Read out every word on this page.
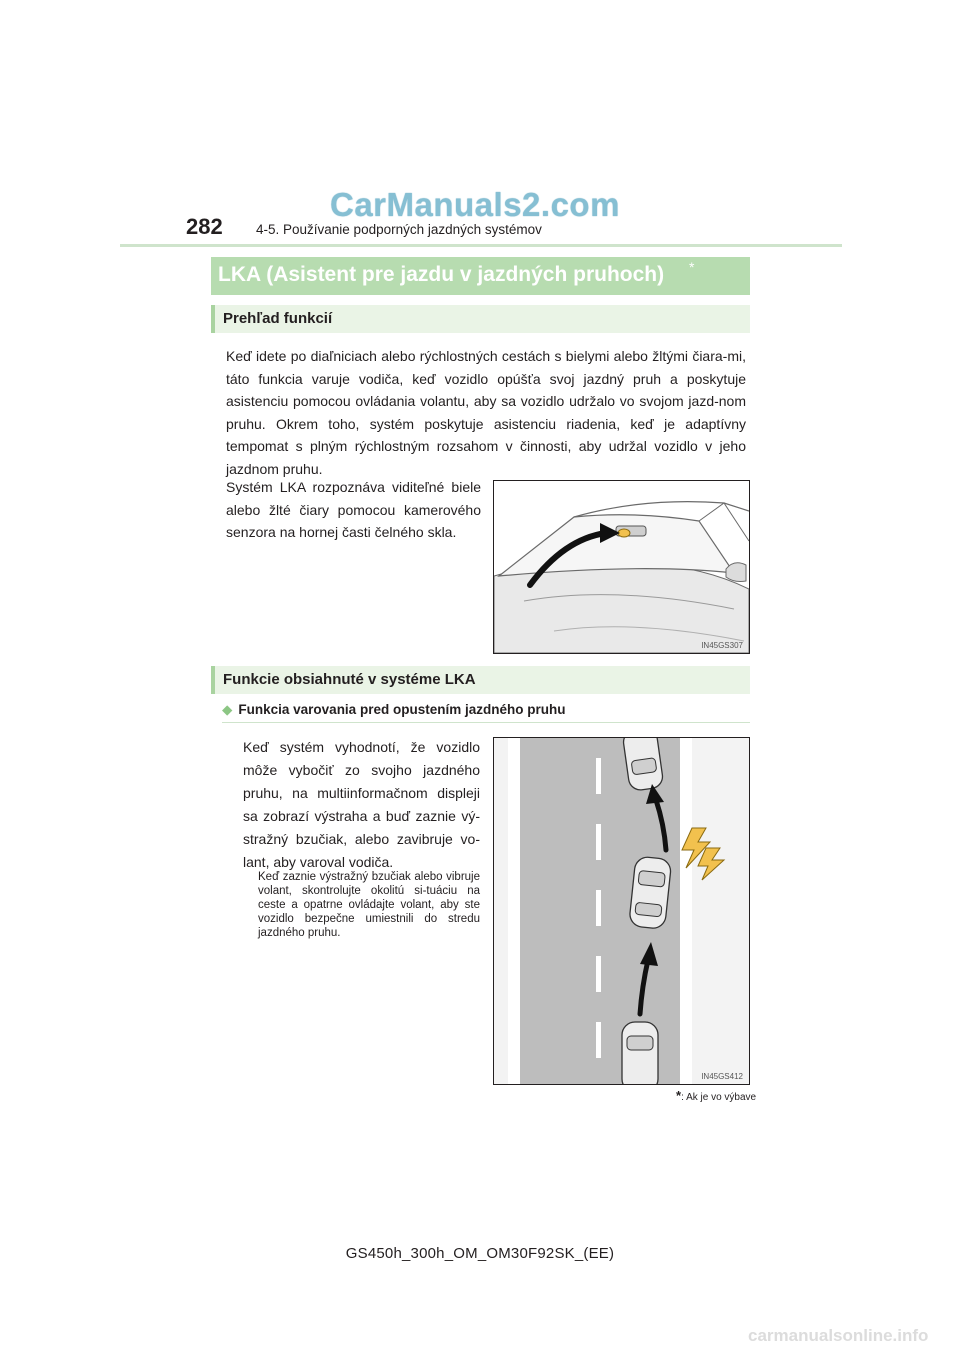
CarManuals2.com
282 4-5. Používanie podporných jazdných systémov
LKA (Asistent pre jazdu v jazdných pruhoch) *
Prehľad funkcií
Keď idete po diaľniciach alebo rýchlostných cestách s bielymi alebo žltými čiara-mi, táto funkcia varuje vodiča, keď vozidlo opúšťa svoj jazdný pruh a poskytuje asistenciu pomocou ovládania volantu, aby sa vozidlo udržalo vo svojom jazd-nom pruhu. Okrem toho, systém poskytuje asistenciu riadenia, keď je adaptívny tempomat s plným rýchlostným rozsahom v činnosti, aby udržal vozidlo v jeho jazdnom pruhu.
Systém LKA rozpoznáva viditeľné biele alebo žlté čiary pomocou kamerového senzora na hornej časti čelného skla.
IN45GS307
Funkcie obsiahnuté v systéme LKA
◆ Funkcia varovania pred opustením jazdného pruhu
Keď systém vyhodnotí, že vozidlo môže vybočiť zo svojho jazdného pruhu, na multiinformačnom displeji sa zobrazí výstraha a buď zaznie vý-stražný bzučiak, alebo zavibruje vo-lant, aby varoval vodiča.
Keď zaznie výstražný bzučiak alebo vibruje volant, skontrolujte okolitú si-tuáciu na ceste a opatrne ovládajte volant, aby ste vozidlo bezpečne umiestnili do stredu jazdného pruhu.
IN45GS412
*: Ak je vo výbave
GS450h_300h_OM_OM30F92SK_(EE)
carmanualsonline.info
